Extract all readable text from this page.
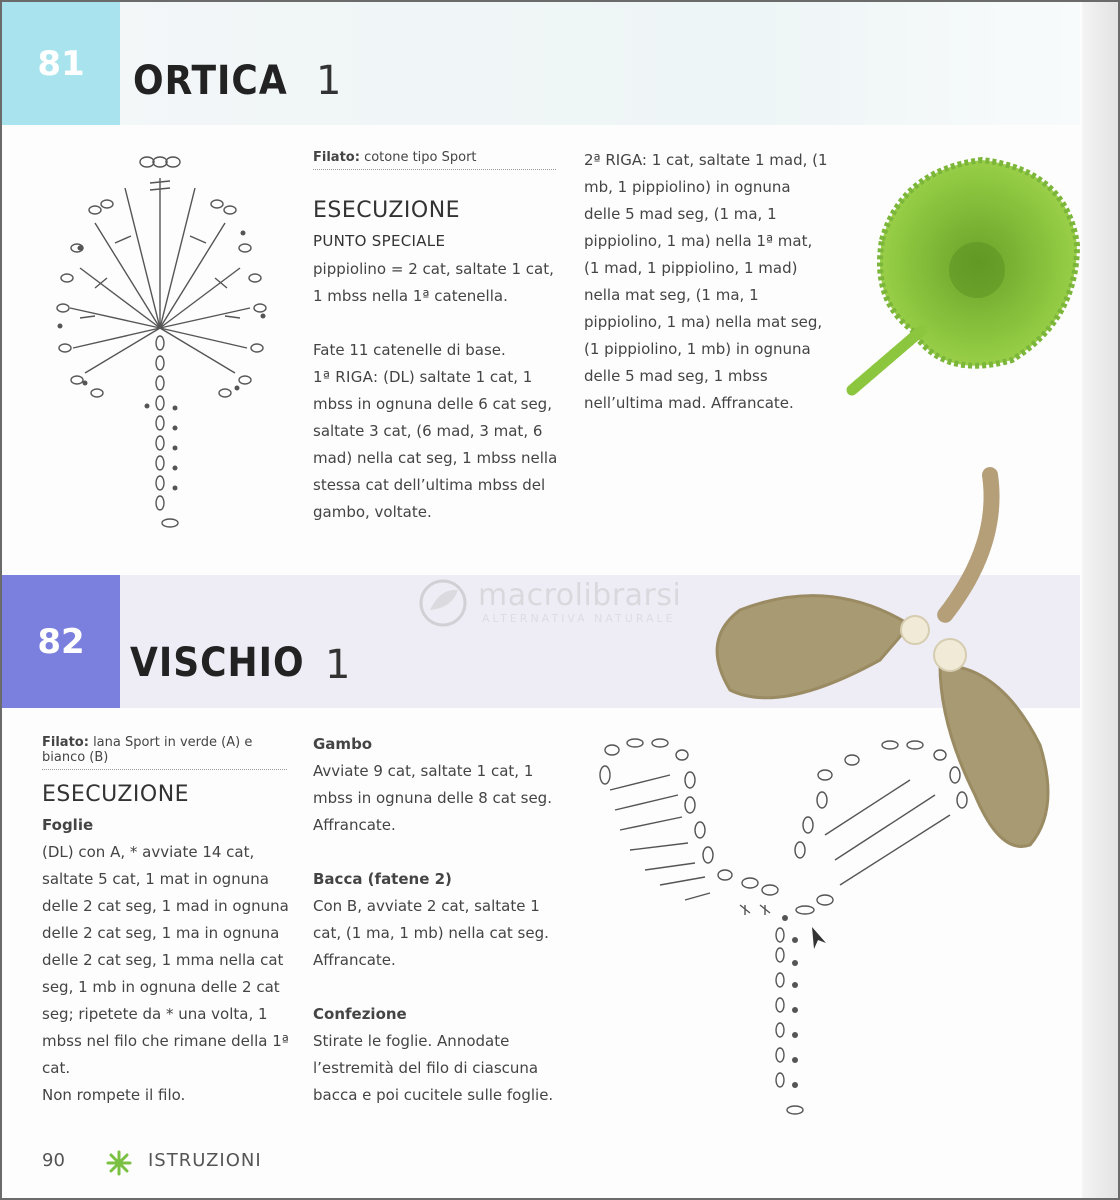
81 ORTICA 1
Filato: cotone tipo Sport
ESECUZIONE
PUNTO SPECIALE
pippiolino = 2 cat, saltate 1 cat, 1 mbss nella 1ª catenella.
Fate 11 catenelle di base.
1ª RIGA: (DL) saltate 1 cat, 1 mbss in ognuna delle 6 cat seg, saltate 3 cat, (6 mad, 3 mat, 6 mad) nella cat seg, 1 mbss nella stessa cat dell’ultima mbss del gambo, voltate.
2ª RIGA: 1 cat, saltate 1 mad, (1 mb, 1 pippiolino) in ognuna delle 5 mad seg, (1 ma, 1 pippiolino, 1 ma) nella 1ª mat, (1 mad, 1 pippiolino, 1 mad) nella mat seg, (1 ma, 1 pippiolino, 1 ma) nella mat seg, (1 pippiolino, 1 mb) in ognuna delle 5 mad seg, 1 mbss nell’ultima mad. Affrancate.
82 VISCHIO 1
macrolibrarsi
ALTERNATIVA NATURALE
Filato: lana Sport in verde (A) e bianco (B)
ESECUZIONE
Foglie
(DL) con A, * avviate 14 cat, saltate 5 cat, 1 mat in ognuna delle 2 cat seg, 1 mad in ognuna delle 2 cat seg, 1 ma in ognuna delle 2 cat seg, 1 mma nella cat seg, 1 mb in ognuna delle 2 cat seg; ripetete da * una volta, 1 mbss nel filo che rimane della 1ª cat.
Non rompete il filo.
Gambo
Avviate 9 cat, saltate 1 cat, 1 mbss in ognuna delle 8 cat seg. Affrancate.
Bacca (fatene 2)
Con B, avviate 2 cat, saltate 1 cat, (1 ma, 1 mb) nella cat seg. Affrancate.
Confezione
Stirate le foglie. Annodate l’estremità del filo di ciascuna bacca e poi cucitele sulle foglie.
90	ISTRUZIONI
